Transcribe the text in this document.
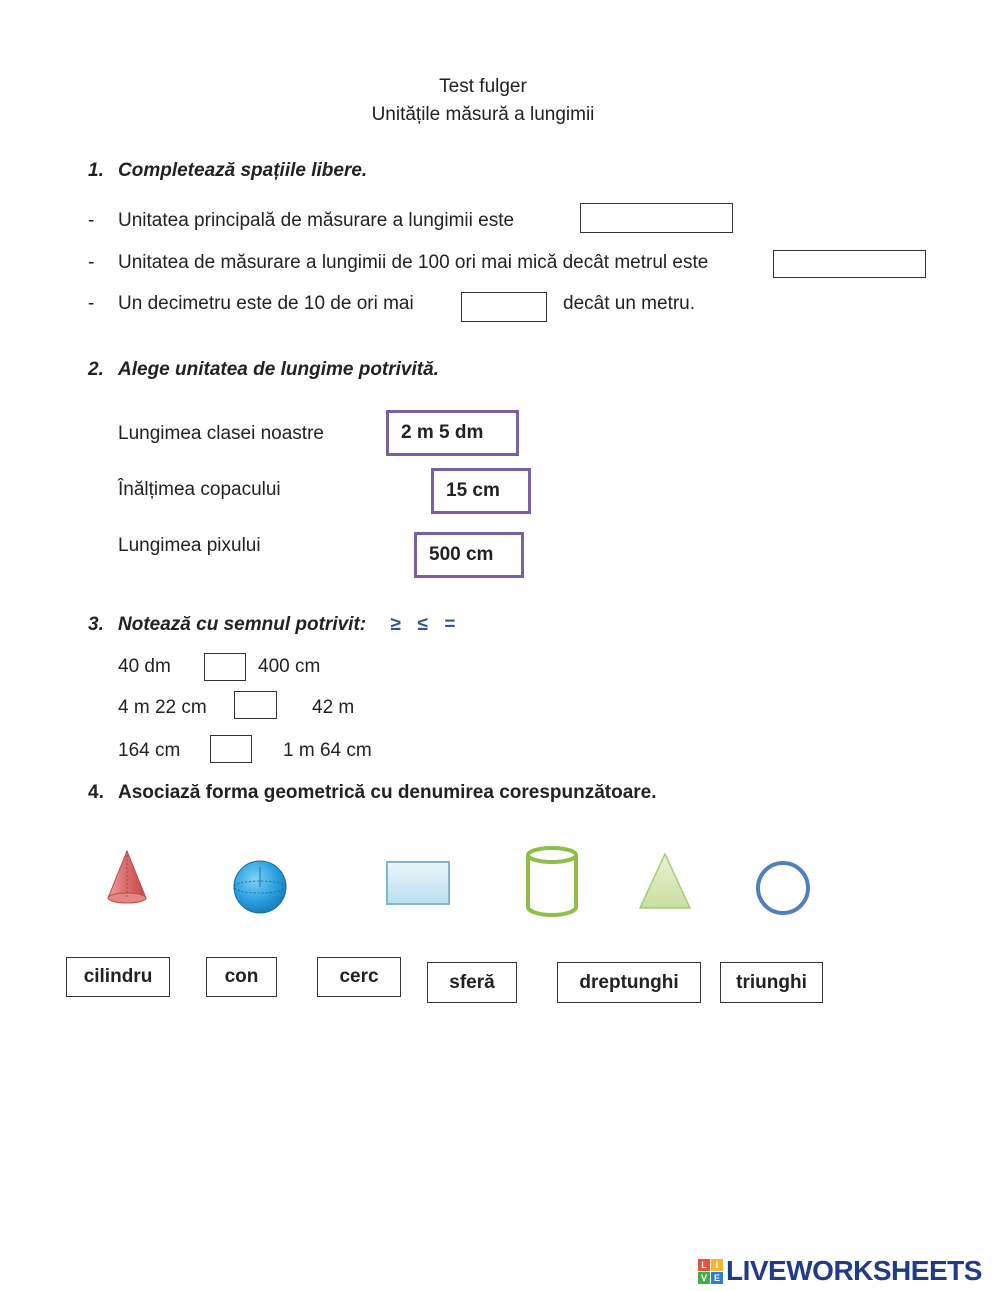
Test fulger
Unitățile măsură a lungimii
1. Completează spațiile libere.
- Unitatea principală de măsurare a lungimii este
- Unitatea de măsurare a lungimii de 100 ori mai mică decât metrul este
- Un decimetru este de 10 de ori mai	decât un metru.
2. Alege unitatea de lungime potrivită.
Lungimea clasei noastre	2 m 5 dm
Înălțimea copacului	15 cm
Lungimea pixului	500 cm
3. Notează cu semnul potrivit: ≥  ≤  =
40 dm	400 cm
4 m 22 cm	42 m
164 cm	1 m 64 cm
4. Asociază forma geometrică cu denumirea corespunzătoare.
cilindru	con	cerc	sferă	dreptunghi	triunghi
L I
V E LIVEWORKSHEETS
